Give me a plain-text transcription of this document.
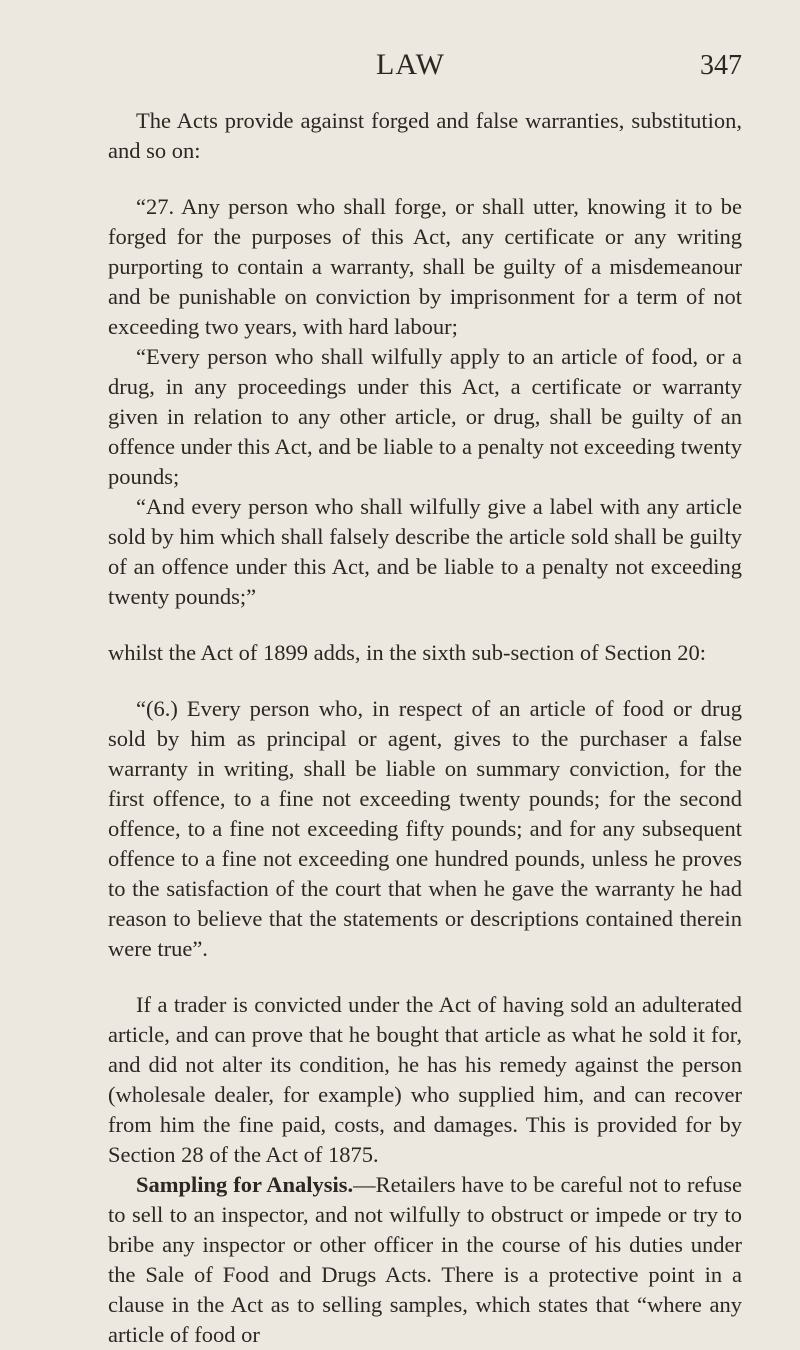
LAW	347

The Acts provide against forged and false warranties, substitution, and so on:

“27. Any person who shall forge, or shall utter, knowing it to be forged for the purposes of this Act, any certificate or any writing purporting to contain a warranty, shall be guilty of a misdemeanour and be punishable on conviction by imprisonment for a term of not exceeding two years, with hard labour;

“Every person who shall wilfully apply to an article of food, or a drug, in any proceedings under this Act, a certificate or warranty given in relation to any other article, or drug, shall be guilty of an offence under this Act, and be liable to a penalty not exceeding twenty pounds;

“And every person who shall wilfully give a label with any article sold by him which shall falsely describe the article sold shall be guilty of an offence under this Act, and be liable to a penalty not exceeding twenty pounds;”

whilst the Act of 1899 adds, in the sixth sub-section of Section 20:

“(6.) Every person who, in respect of an article of food or drug sold by him as principal or agent, gives to the purchaser a false warranty in writing, shall be liable on summary conviction, for the first offence, to a fine not exceeding twenty pounds; for the second offence, to a fine not exceeding fifty pounds; and for any subsequent offence to a fine not exceeding one hundred pounds, unless he proves to the satisfaction of the court that when he gave the warranty he had reason to believe that the statements or descriptions contained therein were true”.

If a trader is convicted under the Act of having sold an adulterated article, and can prove that he bought that article as what he sold it for, and did not alter its condition, he has his remedy against the person (wholesale dealer, for example) who supplied him, and can recover from him the fine paid, costs, and damages. This is provided for by Section 28 of the Act of 1875.

Sampling for Analysis.—Retailers have to be careful not to refuse to sell to an inspector, and not wilfully to obstruct or impede or try to bribe any inspector or other officer in the course of his duties under the Sale of Food and Drugs Acts. There is a protective point in a clause in the Act as to selling samples, which states that “where any article of food or
